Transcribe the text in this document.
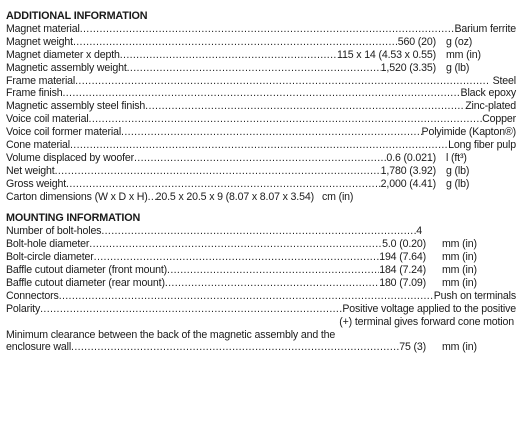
ADDITIONAL INFORMATION
Magnet material . . .	Barium ferrite
Magnet weight . . .	560 (20) g (oz)
Magnet diameter x depth . . .	115 x 14 (4.53 x 0.55) mm (in)
Magnetic assembly weight . . .	1,520 (3.35) g (lb)
Frame material . . .	Steel
Frame finish . . .	Black epoxy
Magnetic assembly steel finish . . .	Zinc-plated
Voice coil material . . .	Copper
Voice coil former material . . .	Polyimide (Kapton®)
Cone material . . .	Long fiber pulp
Volume displaced by woofer . . .	0.6 (0.021) l (ft³)
Net weight . . .	1,780 (3.92) g (lb)
Gross weight . . .	2,000 (4.41) g (lb)
Carton dimensions (W x D x H) . . . 20.5 x 20.5 x 9 (8.07 x 8.07 x 3.54) cm (in)
MOUNTING INFORMATION
Number of bolt-holes . . .	4
Bolt-hole diameter . . .	5.0 (0.20)	mm (in)
Bolt-circle diameter . . .	194 (7.64)	mm (in)
Baffle cutout diameter (front mount) . . .	184 (7.24)	mm (in)
Baffle cutout diameter (rear mount) . . .	180 (7.09)	mm (in)
Connectors . . .	Push on terminals
Polarity . . .	Positive voltage applied to the positive
(+) terminal gives forward cone motion
Minimum clearance between the back of the magnetic assembly and the
enclosure wall . . .	75 (3)	mm (in)
